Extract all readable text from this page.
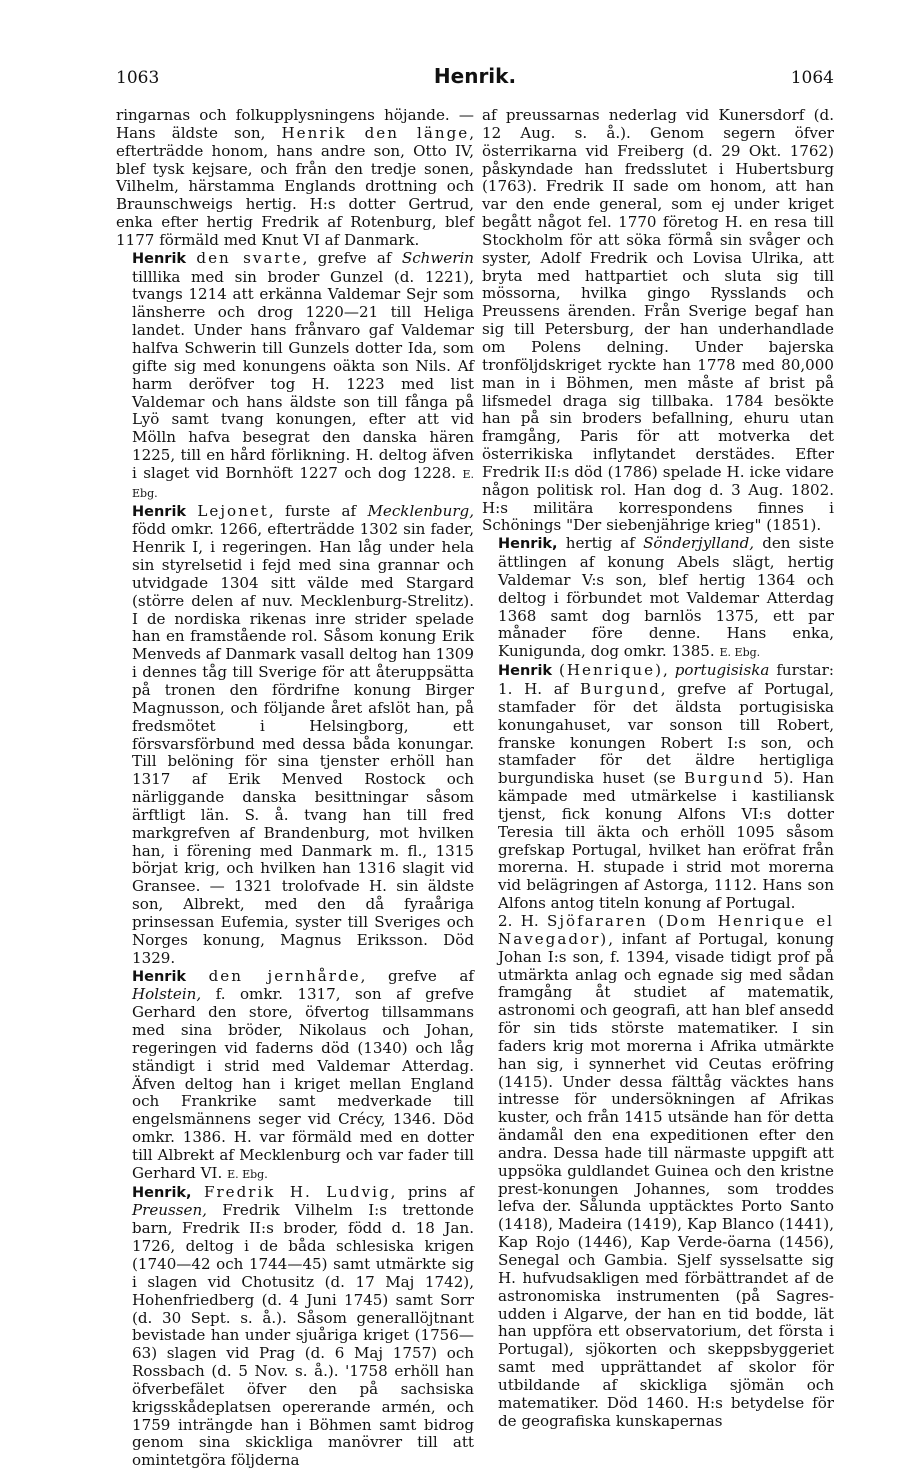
1063	Henrik.	1064

ringarnas och folkupplysningens höjande. — Hans äldste son, Henrik den länge, efterträdde honom, hans andre son, Otto IV, blef tysk kejsare, och från den tredje sonen, Vilhelm, härstamma Englands drottning och Braunschweigs hertig. H:s dotter Gertrud, enka efter hertig Fredrik af Rotenburg, blef 1177 förmäld med Knut VI af Danmark.

Henrik den svarte, grefve af Schwerin tilllika med sin broder Gunzel (d. 1221), tvangs 1214 att erkänna Valdemar Sejr som länsherre och drog 1220—21 till Heliga landet. Under hans frånvaro gaf Valdemar halfva Schwerin till Gunzels dotter Ida, som gifte sig med konungens oäkta son Nils. Af harm deröfver tog H. 1223 med list Valdemar och hans äldste son till fånga på Lyö samt tvang konungen, efter att vid Mölln hafva besegrat den danska hären 1225, till en hård förlikning. H. deltog äfven i slaget vid Bornhöft 1227 och dog 1228. E. Ebg.

Henrik Lejonet, furste af Mecklenburg, född omkr. 1266, efterträdde 1302 sin fader, Henrik I, i regeringen. Han låg under hela sin styrelsetid i fejd med sina grannar och utvidgade 1304 sitt välde med Stargard (större delen af nuv. Mecklenburg-Strelitz). I de nordiska rikenas inre strider spelade han en framstående rol. Såsom konung Erik Menveds af Danmark vasall deltog han 1309 i dennes tåg till Sverige för att återuppsätta på tronen den fördrifne konung Birger Magnusson, och följande året afslöt han, på fredsmötet i Helsingborg, ett försvarsförbund med dessa båda konungar. Till belöning för sina tjenster erhöll han 1317 af Erik Menved Rostock och närliggande danska besittningar såsom ärftligt län. S. å. tvang han till fred markgrefven af Brandenburg, mot hvilken han, i förening med Danmark m. fl., 1315 börjat krig, och hvilken han 1316 slagit vid Gransee. — 1321 trolofvade H. sin äldste son, Albrekt, med den då fyraåriga prinsessan Eufemia, syster till Sveriges och Norges konung, Magnus Eriksson. Död 1329.

Henrik den jernhårde, grefve af Holstein, f. omkr. 1317, son af grefve Gerhard den store, öfvertog tillsammans med sina bröder, Nikolaus och Johan, regeringen vid faderns död (1340) och låg ständigt i strid med Valdemar Atterdag. Äfven deltog han i kriget mellan England och Frankrike samt medverkade till engelsmännens seger vid Crécy, 1346. Död omkr. 1386. H. var förmäld med en dotter till Albrekt af Mecklenburg och var fader till Gerhard VI. E. Ebg.

Henrik, Fredrik H. Ludvig, prins af Preussen, Fredrik Vilhelm I:s trettonde barn, Fredrik II:s broder, född d. 18 Jan. 1726, deltog i de båda schlesiska krigen (1740—42 och 1744—45) samt utmärkte sig i slagen vid Chotusitz (d. 17 Maj 1742), Hohenfriedberg (d. 4 Juni 1745) samt Sorr (d. 30 Sept. s. å.). Såsom generallöjtnant bevistade han under sjuåriga kriget (1756—63) slagen vid Prag (d. 6 Maj 1757) och Rossbach (d. 5 Nov. s. å.). '1758 erhöll han öfverbefälet öfver den på sachsiska krigsskådeplatsen opererande armén, och 1759 inträngde han i Böhmen samt bidrog genom sina skickliga manövrer till att omintetgöra följderna

af preussarnas nederlag vid Kunersdorf (d. 12 Aug. s. å.). Genom segern öfver österrikarna vid Freiberg (d. 29 Okt. 1762) påskyndade han fredsslutet i Hubertsburg (1763). Fredrik II sade om honom, att han var den ende general, som ej under kriget begått något fel. 1770 företog H. en resa till Stockholm för att söka förmå sin svåger och syster, Adolf Fredrik och Lovisa Ulrika, att bryta med hattpartiet och sluta sig till mössorna, hvilka gingo Rysslands och Preussens ärenden. Från Sverige begaf han sig till Petersburg, der han underhandlade om Polens delning. Under bajerska tronföljdskriget ryckte han 1778 med 80,000 man in i Böhmen, men måste af brist på lifsmedel draga sig tillbaka. 1784 besökte han på sin broders befallning, ehuru utan framgång, Paris för att motverka det österrikiska inflytandet derstädes. Efter Fredrik II:s död (1786) spelade H. icke vidare någon politisk rol. Han dog d. 3 Aug. 1802. H:s militära korrespondens finnes i Schönings "Der siebenjährige krieg" (1851).

Henrik, hertig af Sönderjylland, den siste ättlingen af konung Abels slägt, hertig Valdemar V:s son, blef hertig 1364 och deltog i förbundet mot Valdemar Atterdag 1368 samt dog barnlös 1375, ett par månader före denne. Hans enka, Kunigunda, dog omkr. 1385. E. Ebg.

Henrik (Henrique), portugisiska furstar: 1. H. af Burgund, grefve af Portugal, stamfader för det äldsta portugisiska konungahuset, var sonson till Robert, franske konungen Robert I:s son, och stamfader för det äldre hertigliga burgundiska huset (se Burgund 5). Han kämpade med utmärkelse i kastiliansk tjenst, fick konung Alfons VI:s dotter Teresia till äkta och erhöll 1095 såsom grefskap Portugal, hvilket han eröfrat från morerna. H. stupade i strid mot morerna vid belägringen af Astorga, 1112. Hans son Alfons antog titeln konung af Portugal.

2. H. Sjöfararen (Dom Henrique el Navegador), infant af Portugal, konung Johan I:s son, f. 1394, visade tidigt prof på utmärkta anlag och egnade sig med sådan framgång åt studiet af matematik, astronomi och geografi, att han blef ansedd för sin tids störste matematiker. I sin faders krig mot morerna i Afrika utmärkte han sig, i synnerhet vid Ceutas eröfring (1415). Under dessa fälttåg väcktes hans intresse för undersökningen af Afrikas kuster, och från 1415 utsände han för detta ändamål den ena expeditionen efter den andra. Dessa hade till närmaste uppgift att uppsöka guldlandet Guinea och den kristne prest-konungen Johannes, som troddes lefva der. Sålunda upptäcktes Porto Santo (1418), Madeira (1419), Kap Blanco (1441), Kap Rojo (1446), Kap Verde-öarna (1456), Senegal och Gambia. Sjelf sysselsatte sig H. hufvudsakligen med förbättrandet af de astronomiska instrumenten (på Sagres-udden i Algarve, der han en tid bodde, lät han uppföra ett observatorium, det första i Portugal), sjökorten och skeppsbyggeriet samt med upprättandet af skolor för utbildande af skickliga sjömän och matematiker. Död 1460. H:s betydelse för de geografiska kunskapernas
